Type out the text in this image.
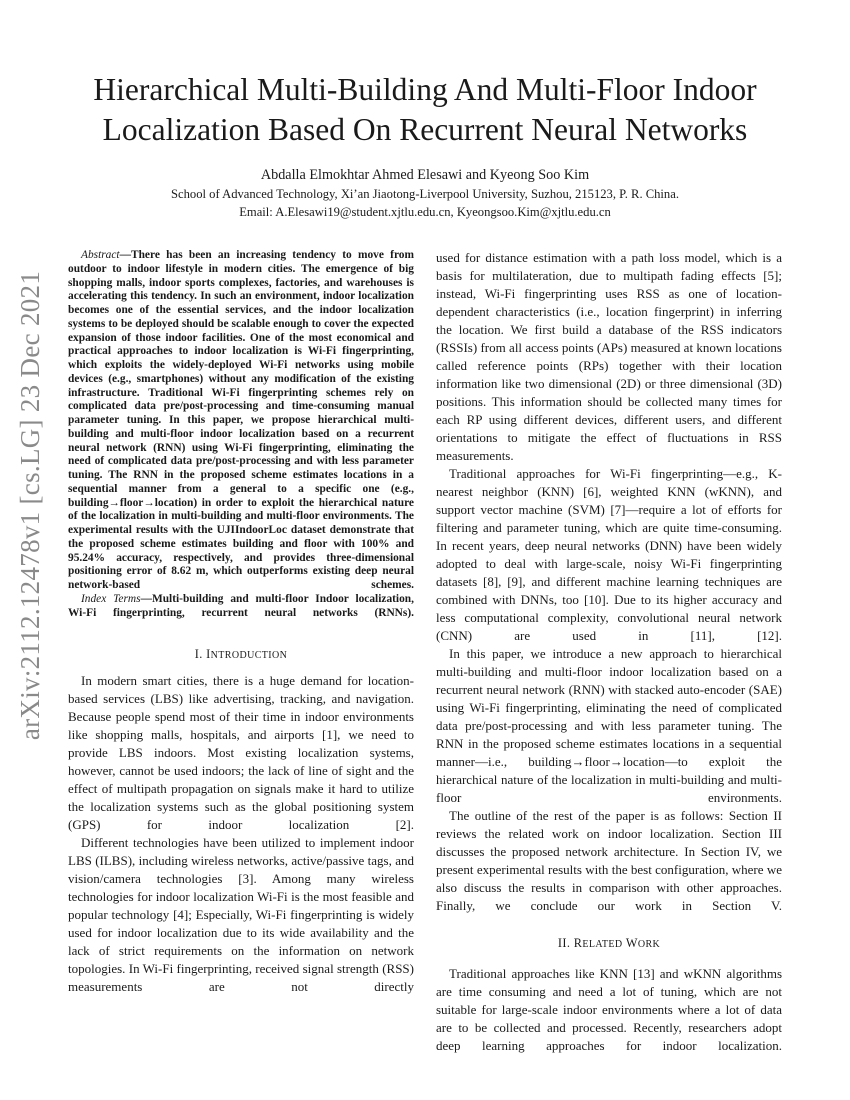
arXiv:2112.12478v1 [cs.LG] 23 Dec 2021
Hierarchical Multi-Building And Multi-Floor Indoor
Localization Based On Recurrent Neural Networks
Abdalla Elmokhtar Ahmed Elesawi and Kyeong Soo Kim
School of Advanced Technology, Xi’an Jiaotong-Liverpool University, Suzhou, 215123, P. R. China.
Email: A.Elesawi19@student.xjtlu.edu.cn, Kyeongsoo.Kim@xjtlu.edu.cn

Abstract—There has been an increasing tendency to move from outdoor to indoor lifestyle in modern cities. The emergence of big shopping malls, indoor sports complexes, factories, and warehouses is accelerating this tendency. In such an environment, indoor localization becomes one of the essential services, and the indoor localization systems to be deployed should be scalable enough to cover the expected expansion of those indoor facilities. One of the most economical and practical approaches to indoor localization is Wi-Fi fingerprinting, which exploits the widely-deployed Wi-Fi networks using mobile devices (e.g., smartphones) without any modification of the existing infrastructure. Traditional Wi-Fi fingerprinting schemes rely on complicated data pre/post-processing and time-consuming manual parameter tuning. In this paper, we propose hierarchical multi-building and multi-floor indoor localization based on a recurrent neural network (RNN) using Wi-Fi fingerprinting, eliminating the need of complicated data pre/post-processing and with less parameter tuning. The RNN in the proposed scheme estimates locations in a sequential manner from a general to a specific one (e.g., building→floor→location) in order to exploit the hierarchical nature of the localization in multi-building and multi-floor environments. The experimental results with the UJIIndoorLoc dataset demonstrate that the proposed scheme estimates building and floor with 100% and 95.24% accuracy, respectively, and provides three-dimensional positioning error of 8.62 m, which outperforms existing deep neural network-based schemes.

Index Terms—Multi-building and multi-floor Indoor localization, Wi-Fi fingerprinting, recurrent neural networks (RNNs).

I. INTRODUCTION

In modern smart cities, there is a huge demand for location-based services (LBS) like advertising, tracking, and navigation. Because people spend most of their time in indoor environments like shopping malls, hospitals, and airports [1], we need to provide LBS indoors. Most existing localization systems, however, cannot be used indoors; the lack of line of sight and the effect of multipath propagation on signals make it hard to utilize the localization systems such as the global positioning system (GPS) for indoor localization [2].

Different technologies have been utilized to implement indoor LBS (ILBS), including wireless networks, active/passive tags, and vision/camera technologies [3]. Among many wireless technologies for indoor localization Wi-Fi is the most feasible and popular technology [4]; Especially, Wi-Fi fingerprinting is widely used for indoor localization due to its wide availability and the lack of strict requirements on the information on network topologies. In Wi-Fi fingerprinting, received signal strength (RSS) measurements are not directly

used for distance estimation with a path loss model, which is a basis for multilateration, due to multipath fading effects [5]; instead, Wi-Fi fingerprinting uses RSS as one of location-dependent characteristics (i.e., location fingerprint) in inferring the location. We first build a database of the RSS indicators (RSSIs) from all access points (APs) measured at known locations called reference points (RPs) together with their location information like two dimensional (2D) or three dimensional (3D) positions. This information should be collected many times for each RP using different devices, different users, and different orientations to mitigate the effect of fluctuations in RSS measurements.

Traditional approaches for Wi-Fi fingerprinting—e.g., K-nearest neighbor (KNN) [6], weighted KNN (wKNN), and support vector machine (SVM) [7]—require a lot of efforts for filtering and parameter tuning, which are quite time-consuming. In recent years, deep neural networks (DNN) have been widely adopted to deal with large-scale, noisy Wi-Fi fingerprinting datasets [8], [9], and different machine learning techniques are combined with DNNs, too [10]. Due to its higher accuracy and less computational complexity, convolutional neural network (CNN) are used in [11], [12].

In this paper, we introduce a new approach to hierarchical multi-building and multi-floor indoor localization based on a recurrent neural network (RNN) with stacked auto-encoder (SAE) using Wi-Fi fingerprinting, eliminating the need of complicated data pre/post-processing and with less parameter tuning. The RNN in the proposed scheme estimates locations in a sequential manner—i.e., building→floor→location—to exploit the hierarchical nature of the localization in multi-building and multi-floor environments.

The outline of the rest of the paper is as follows: Section II reviews the related work on indoor localization. Section III discusses the proposed network architecture. In Section IV, we present experimental results with the best configuration, where we also discuss the results in comparison with other approaches. Finally, we conclude our work in Section V.

II. RELATED WORK

Traditional approaches like KNN [13] and wKNN algorithms are time consuming and need a lot of tuning, which are not suitable for large-scale indoor environments where a lot of data are to be collected and processed. Recently, researchers adopt deep learning approaches for indoor localization.
